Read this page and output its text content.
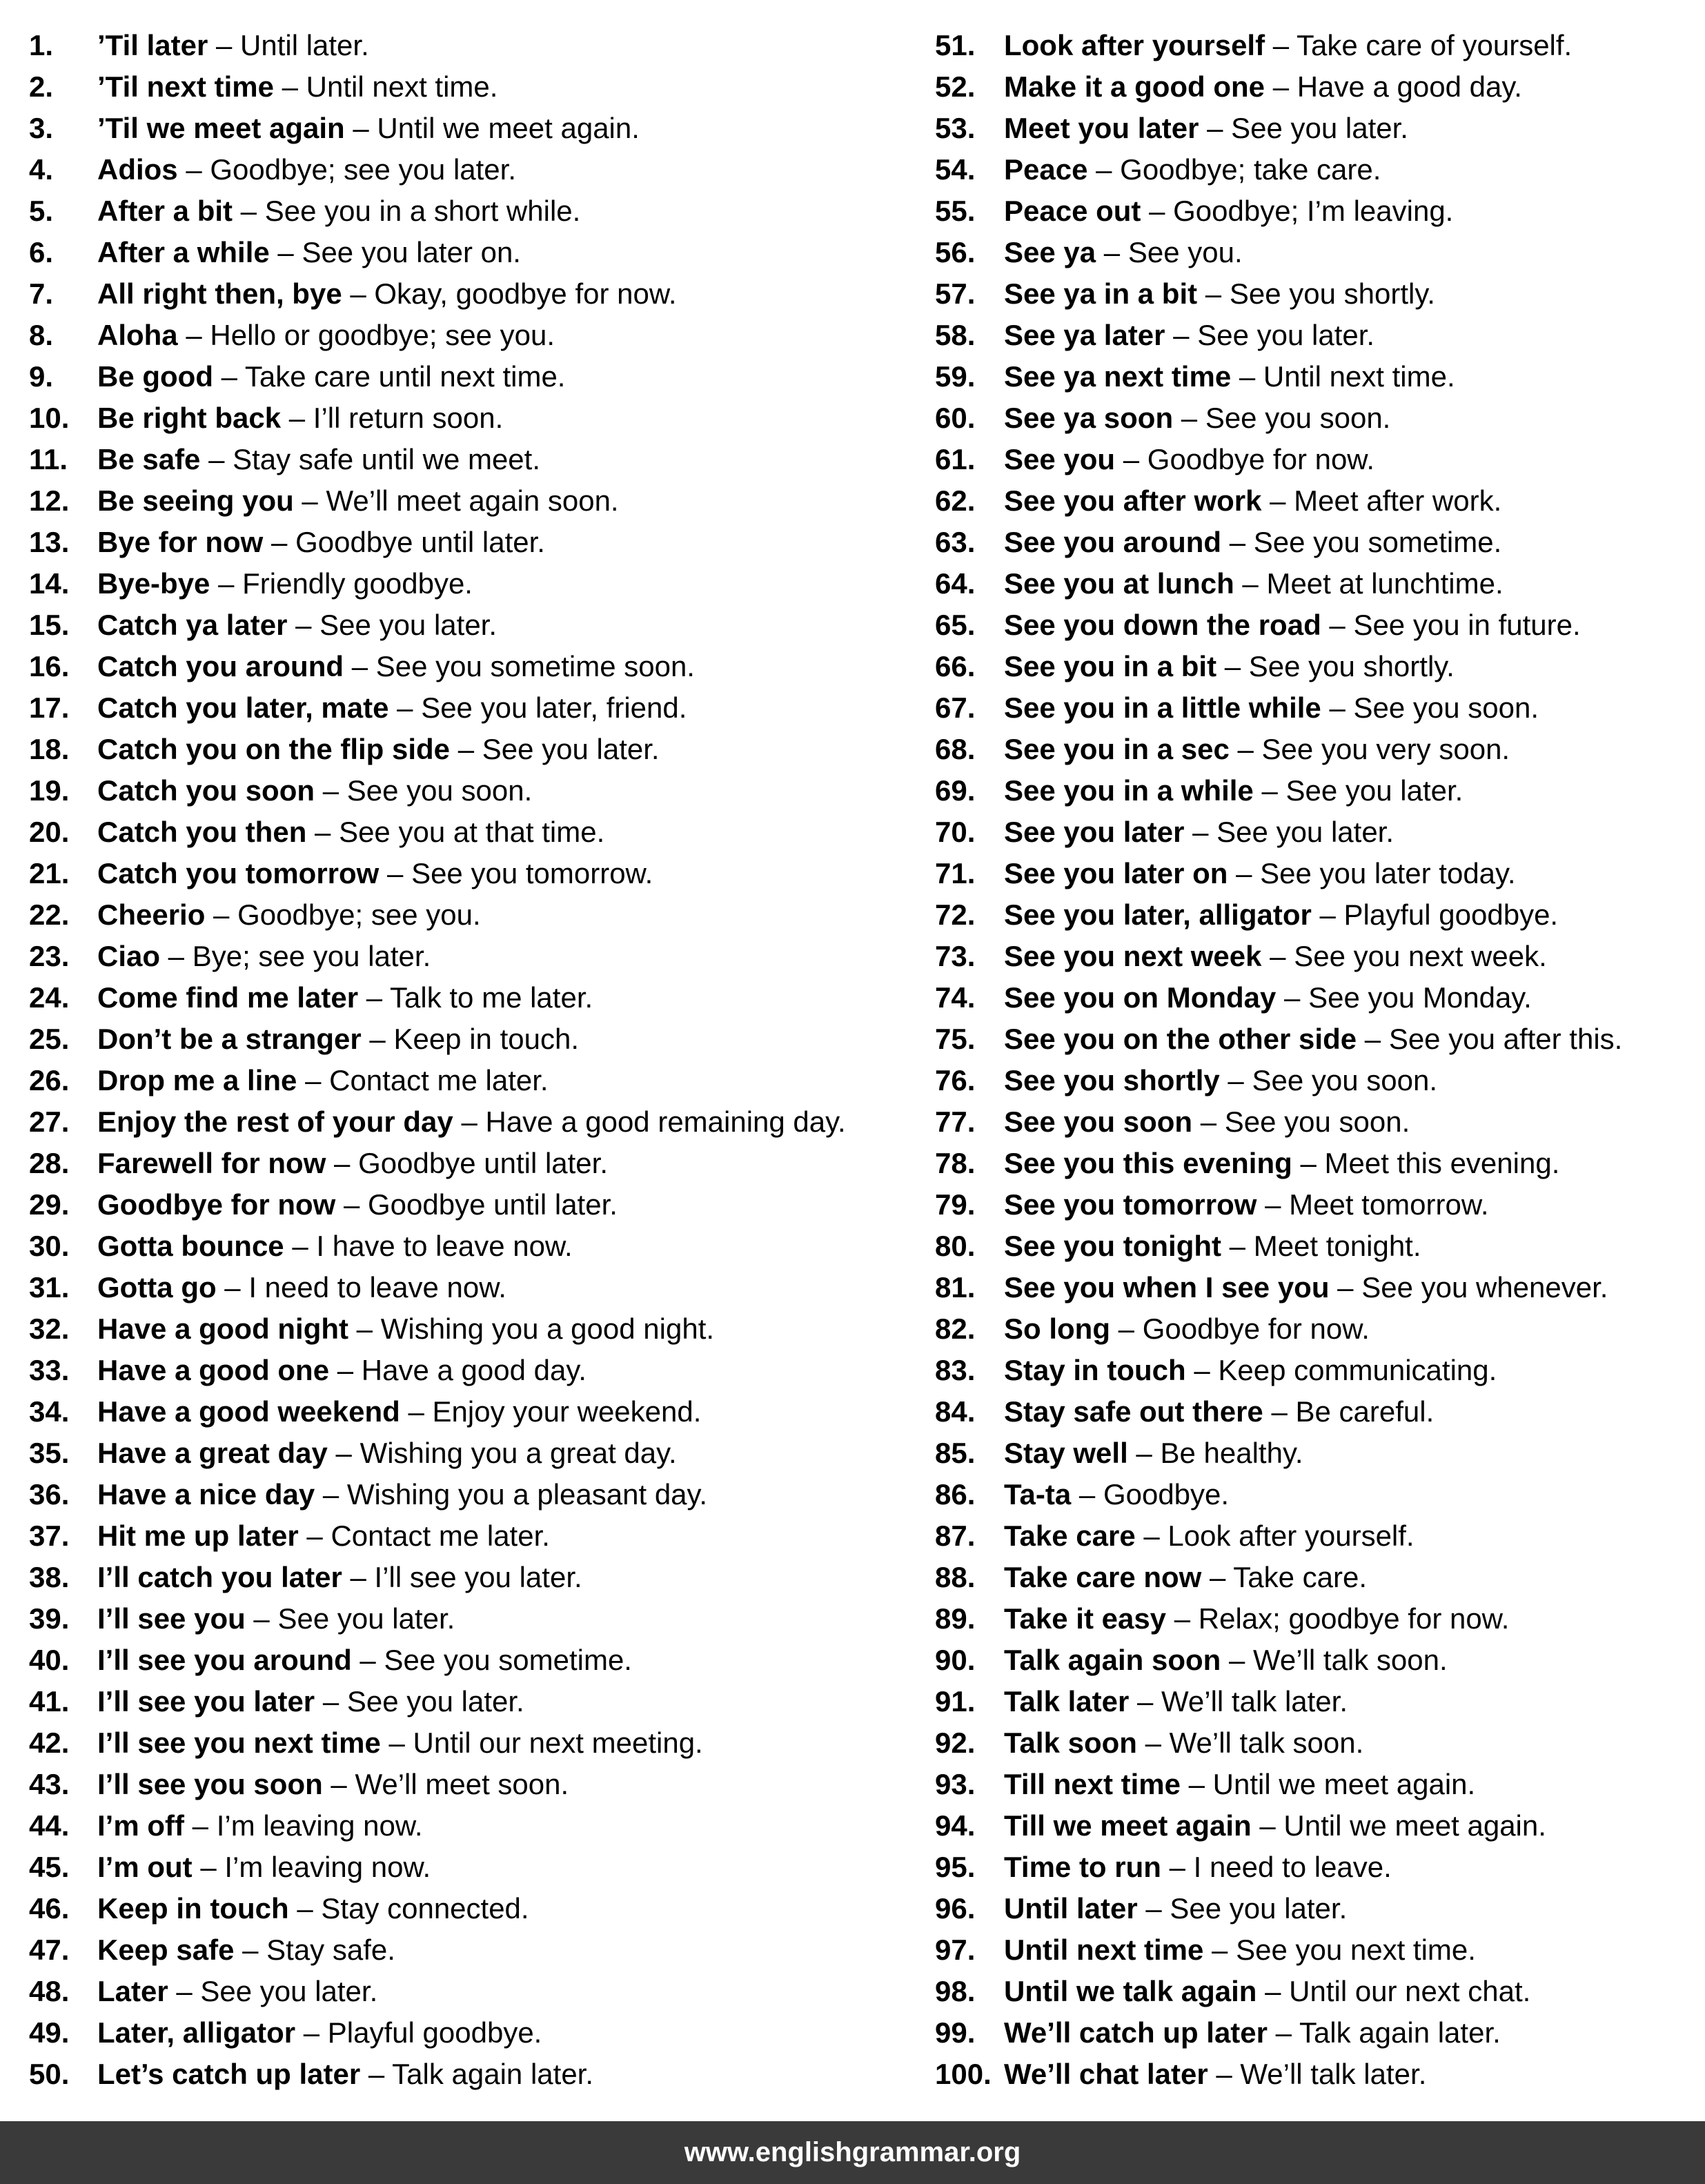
1. ’Til later – Until later.
2. ’Til next time – Until next time.
3. ’Til we meet again – Until we meet again.
4. Adios – Goodbye; see you later.
5. After a bit – See you in a short while.
6. After a while – See you later on.
7. All right then, bye – Okay, goodbye for now.
8. Aloha – Hello or goodbye; see you.
9. Be good – Take care until next time.
10. Be right back – I’ll return soon.
11. Be safe – Stay safe until we meet.
12. Be seeing you – We’ll meet again soon.
13. Bye for now – Goodbye until later.
14. Bye-bye – Friendly goodbye.
15. Catch ya later – See you later.
16. Catch you around – See you sometime soon.
17. Catch you later, mate – See you later, friend.
18. Catch you on the flip side – See you later.
19. Catch you soon – See you soon.
20. Catch you then – See you at that time.
21. Catch you tomorrow – See you tomorrow.
22. Cheerio – Goodbye; see you.
23. Ciao – Bye; see you later.
24. Come find me later – Talk to me later.
25. Don’t be a stranger – Keep in touch.
26. Drop me a line – Contact me later.
27. Enjoy the rest of your day – Have a good remaining day.
28. Farewell for now – Goodbye until later.
29. Goodbye for now – Goodbye until later.
30. Gotta bounce – I have to leave now.
31. Gotta go – I need to leave now.
32. Have a good night – Wishing you a good night.
33. Have a good one – Have a good day.
34. Have a good weekend – Enjoy your weekend.
35. Have a great day – Wishing you a great day.
36. Have a nice day – Wishing you a pleasant day.
37. Hit me up later – Contact me later.
38. I’ll catch you later – I’ll see you later.
39. I’ll see you – See you later.
40. I’ll see you around – See you sometime.
41. I’ll see you later – See you later.
42. I’ll see you next time – Until our next meeting.
43. I’ll see you soon – We’ll meet soon.
44. I’m off – I’m leaving now.
45. I’m out – I’m leaving now.
46. Keep in touch – Stay connected.
47. Keep safe – Stay safe.
48. Later – See you later.
49. Later, alligator – Playful goodbye.
50. Let’s catch up later – Talk again later.
51. Look after yourself – Take care of yourself.
52. Make it a good one – Have a good day.
53. Meet you later – See you later.
54. Peace – Goodbye; take care.
55. Peace out – Goodbye; I’m leaving.
56. See ya – See you.
57. See ya in a bit – See you shortly.
58. See ya later – See you later.
59. See ya next time – Until next time.
60. See ya soon – See you soon.
61. See you – Goodbye for now.
62. See you after work – Meet after work.
63. See you around – See you sometime.
64. See you at lunch – Meet at lunchtime.
65. See you down the road – See you in future.
66. See you in a bit – See you shortly.
67. See you in a little while – See you soon.
68. See you in a sec – See you very soon.
69. See you in a while – See you later.
70. See you later – See you later.
71. See you later on – See you later today.
72. See you later, alligator – Playful goodbye.
73. See you next week – See you next week.
74. See you on Monday – See you Monday.
75. See you on the other side – See you after this.
76. See you shortly – See you soon.
77. See you soon – See you soon.
78. See you this evening – Meet this evening.
79. See you tomorrow – Meet tomorrow.
80. See you tonight – Meet tonight.
81. See you when I see you – See you whenever.
82. So long – Goodbye for now.
83. Stay in touch – Keep communicating.
84. Stay safe out there – Be careful.
85. Stay well – Be healthy.
86. Ta-ta – Goodbye.
87. Take care – Look after yourself.
88. Take care now – Take care.
89. Take it easy – Relax; goodbye for now.
90. Talk again soon – We’ll talk soon.
91. Talk later – We’ll talk later.
92. Talk soon – We’ll talk soon.
93. Till next time – Until we meet again.
94. Till we meet again – Until we meet again.
95. Time to run – I need to leave.
96. Until later – See you later.
97. Until next time – See you next time.
98. Until we talk again – Until our next chat.
99. We’ll catch up later – Talk again later.
100. We’ll chat later – We’ll talk later.
www.englishgrammar.org
